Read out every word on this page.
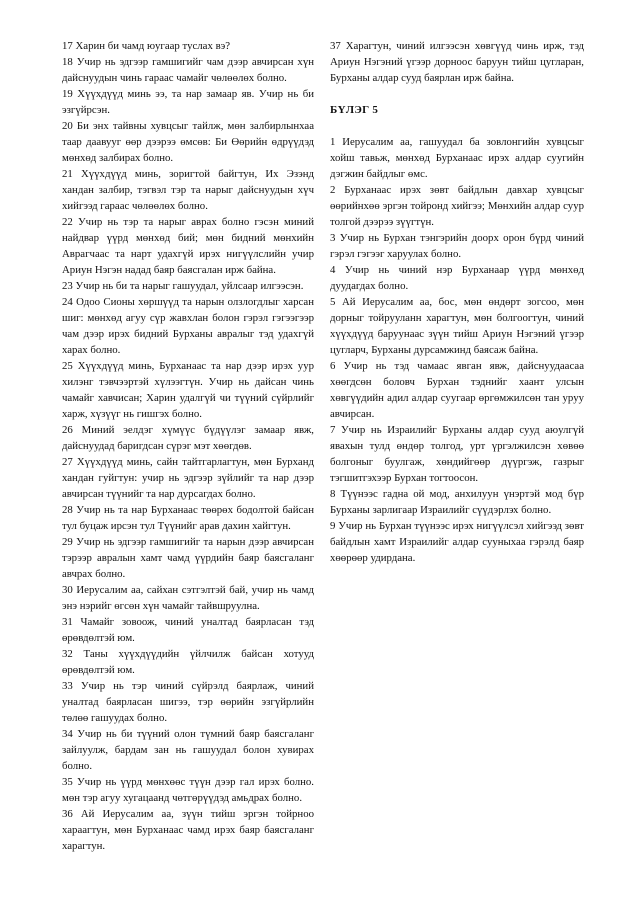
17 Харин би чамд юугаар туслах вэ?

18 Учир нь эдгээр гамшигийг чам дээр авчирсан хүн дайснуудын чинь гараас чамайг чөлөөлөх болно.

19 Хүүхдүүд минь ээ, та нар замаар яв. Учир нь би эзгүйрсэн.

20 Би энх тайвны хувцсыг тайлж, мөн залбирлынхаа таар даавууг өөр дээрээ өмсөв: Би Өөрийн өдрүүдэд мөнхөд залбирах болно.

21 Хүүхдүүд минь, зоригтой байгтун, Их Эзэнд хандан залбир, тэгвэл тэр та нарыг дайснуудын хүч хийгээд гараас чөлөөлөх болно.

22 Учир нь тэр та нарыг аврах болно гэсэн миний найдвар үүрд мөнхөд бий; мөн бидний мөнхийн Аврагчаас та нарт удахгүй ирэх нигүүлслийн учир Ариун Нэгэн надад баяр баясгалан ирж байна.

23 Учир нь би та нарыг гашуудал, уйлсаар илгээсэн.

24 Одоо Сионы хөршүүд та нарын олзлогдлыг харсан шиг: мөнхөд агуу сүр жавхлан болон гэрэл гэгээгээр чам дээр ирэх бидний Бурханы авралыг тэд удахгүй харах болно.

25 Хүүхдүүд минь, Бурханаас та нар дээр ирэх уур хилэнг тэвчээртэй хүлээгтүн. Учир нь дайсан чинь чамайг хавчисан; Харин удалгүй чи түүний сүйрлийг харж, хүзүүг нь гишгэх болно.

26 Миний эелдэг хүмүүс бүдүүлэг замаар явж, дайснуудад баригдсан сүрэг мэт хөөгдөв.

27 Хүүхдүүд минь, сайн тайтгарлагтун, мөн Бурханд хандан гуйгтун: учир нь эдгээр зүйлийг та нар дээр авчирсан түүнийг та нар дурсагдах болно.

28 Учир нь та нар Бурханаас төөрөх бодолтой байсан тул буцаж ирсэн тул Түүнийг арав дахин хайгтун.

29 Учир нь эдгээр гамшигийг та нарын дээр авчирсан тэрээр авралын хамт чамд үүрдийн баяр баясгаланг авчрах болно.

30 Иерусалим аа, сайхан сэтгэлтэй бай, учир нь чамд энэ нэрийг өгсөн хүн чамайг тайвшруулна.

31 Чамайг зовоож, чиний уналтад баярласан тэд өрөвдөлтэй юм.

32 Таны хүүхдүүдийн үйлчилж байсан хотууд өрөвдөлтэй юм.

33 Учир нь тэр чиний сүйрэлд баярлаж, чиний уналтад баярласан шигээ, тэр өөрийн эзгүйрлийн төлөө гашуудах болно.

34 Учир нь би түүний олон түмний баяр баясгаланг зайлуулж, бардам зан нь гашуудал болон хувирах болно.

35 Учир нь үүрд мөнхөөс түүн дээр гал ирэх болно. мөн тэр агуу хугацаанд чөтгөрүүдэд амьдрах болно.

36 Ай Иерусалим аа, зүүн тийш эргэн тойрноо хараагтун, мөн Бурханаас чамд ирэх баяр баясгаланг харагтун.

37 Харагтун, чиний илгээсэн хөвгүүд чинь ирж, тэд Ариун Нэгэний үгээр дорноос баруун тийш цугларан, Бурханы алдар сууд баярлан ирж байна.

БҮЛЭГ 5

1 Иерусалим аа, гашуудал ба зовлонгийн хувцсыг хойш тавьж, мөнхөд Бурханаас ирэх алдар суугийн дэгжин байдлыг өмс.

2 Бурханаас ирэх зөвт байдлын давхар хувцсыг өөрийнхөө эргэн тойронд хийгээ; Мөнхийн алдар суур толгой дээрээ зүүгтүн.

3 Учир нь Бурхан тэнгэрийн доорх орон бүрд чиний гэрэл гэгээг харуулах болно.

4 Учир нь чиний нэр Бурханаар үүрд мөнхөд дуудагдах болно.

5 Ай Иерусалим аа, бос, мөн өндөрт зогсоо, мөн дорныг тойрууланн харагтун, мөн болгоогтун, чиний хүүхдүүд баруунаас зүүн тийш Ариун Нэгэний үгээр цугларч, Бурханы дурсамжинд баясаж байна.

6 Учир нь тэд чамаас явган явж, дайснуудаасаа хөөгдсөн боловч Бурхан тэднийг хаант улсын хөвгүүдийн адил алдар суугаар өргөмжилсөн тан уруу авчирсан.

7 Учир нь Израилийг Бурханы алдар сууд аюулгүй явахын тулд өндөр толгод, урт үргэлжилсэн хөвөө болгоныг буулгаж, хөндийгөөр дүүргэж, газрыг тэгшитгэхээр Бурхан тогтоосон.

8 Түүнээс гадна ой мод, анхилуун үнэртэй мод бүр Бурханы зарлигаар Израилийг сүүдэрлэх болно.

9 Учир нь Бурхан түүнээс ирэх нигүүлсэл хийгээд зөвт байдлын хамт Израилийг алдар сууныхаа гэрэлд баяр хөөрөөр удирдана.
